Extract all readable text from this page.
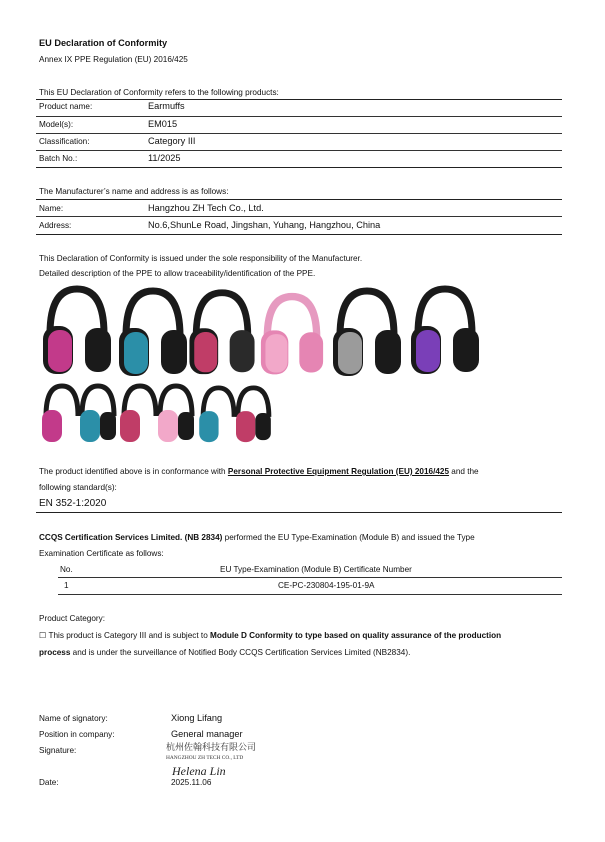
EU Declaration of Conformity
Annex IX PPE Regulation (EU) 2016/425
This EU Declaration of Conformity refers to the following products:
Product name:	Earmuffs
Model(s):	EM015
Classification:	Category III
Batch No.:	11/2025
The Manufacturer’s name and address is as follows:
Name:	Hangzhou ZH Tech Co., Ltd.
Address:	No.6,ShunLe Road, Jingshan, Yuhang, Hangzhou, China
This Declaration of Conformity is issued under the sole responsibility of the Manufacturer.
Detailed description of the PPE to allow traceability/identification of the PPE.
The product identified above is in conformance with Personal Protective Equipment Regulation (EU) 2016/425 and the
following standard(s):
EN 352-1:2020
CCQS Certification Services Limited. (NB 2834) performed the EU Type-Examination (Module B) and issued the Type
Examination Certificate as follows:
No.	EU Type-Examination (Module B) Certificate Number
1	CE-PC-230804-195-01-9A
Product Category:
☐ This product is Category III and is subject to Module D Conformity to type based on quality assurance of the production
process and is under the surveillance of Notified Body CCQS Certification Services Limited (NB2834).
Name of signatory:	Xiong Lifang
Position in company:	General manager
Signature:	杭州佐翰科技有限公司
HANGZHOU ZH TECH CO., LTD
Helena Lin
Date:	2025.11.06
